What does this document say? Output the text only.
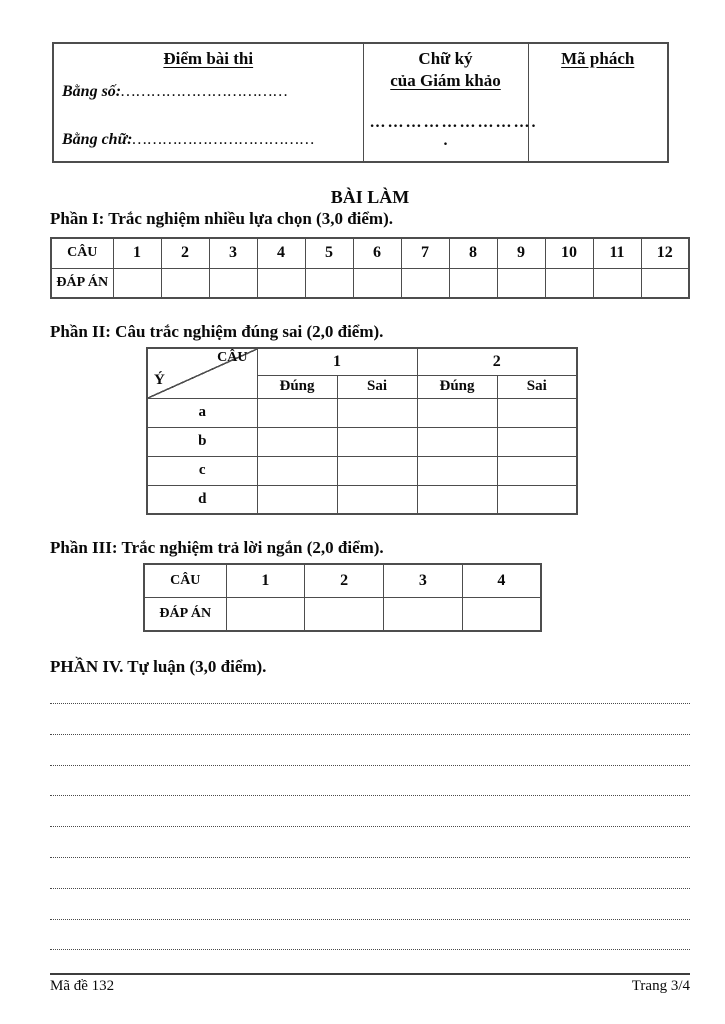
Điểm bài thi
Bằng số:……………………………
Bằng chữ:………………………………

Chữ ký
của Giám khảo
……………………….
.

Mã phách
BÀI LÀM
Phần I: Trắc nghiệm nhiều lựa chọn (3,0 điểm).
CÂU	1	2	3	4	5	6	7	8	9	10	11	12
ĐÁP ÁN												
Phần II: Câu trắc nghiệm đúng sai (2,0 điểm).
CÂU
Ý	1		2	
	Đúng	Sai	Đúng	Sai
a				
b				
c				
d				
Phần III: Trắc nghiệm trả lời ngắn (2,0 điểm).
CÂU	1	2	3	4
ĐÁP ÁN				
PHẦN IV. Tự luận (3,0 điểm).
Mã đề 132	Trang 3/4
